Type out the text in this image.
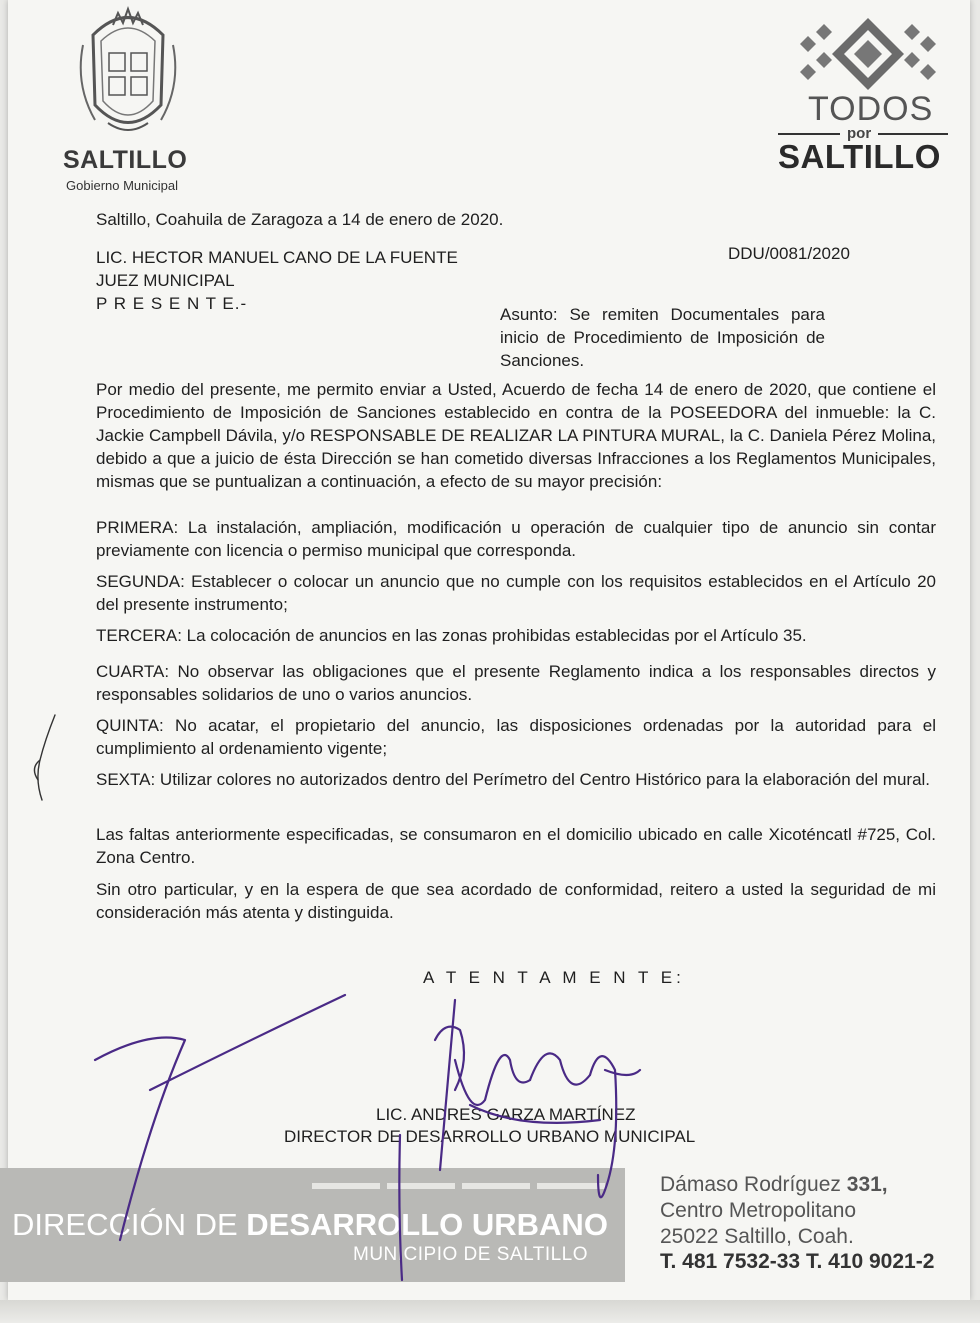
SALTILLO
Gobierno Municipal
TODOS
por
SALTILLO
Saltillo, Coahuila de Zaragoza a 14 de enero de 2020.
DDU/0081/2020
LIC. HECTOR MANUEL CANO DE LA FUENTE
JUEZ MUNICIPAL
P R E S E N T E.-
Asunto: Se remiten Documentales para inicio de Procedimiento de Imposición de Sanciones.
Por medio del presente, me permito enviar a Usted, Acuerdo de fecha 14 de enero de 2020, que contiene el Procedimiento de Imposición de Sanciones establecido en contra de la POSEEDORA del inmueble: la C. Jackie Campbell Dávila, y/o RESPONSABLE DE REALIZAR LA PINTURA MURAL, la C. Daniela Pérez Molina, debido a que a juicio de ésta Dirección se han cometido diversas Infracciones a los Reglamentos Municipales, mismas que se puntualizan a continuación, a efecto de su mayor precisión:
PRIMERA: La instalación, ampliación, modificación u operación de cualquier tipo de anuncio sin contar previamente con licencia o permiso municipal que corresponda.
SEGUNDA: Establecer o colocar un anuncio que no cumple con los requisitos establecidos en el Artículo 20 del presente instrumento;
TERCERA: La colocación de anuncios en las zonas prohibidas establecidas por el Artículo 35.
CUARTA: No observar las obligaciones que el presente Reglamento indica a los responsables directos y responsables solidarios de uno o varios anuncios.
QUINTA: No acatar, el propietario del anuncio, las disposiciones ordenadas por la autoridad para el cumplimiento al ordenamiento vigente;
SEXTA: Utilizar colores no autorizados dentro del Perímetro del Centro Histórico para la elaboración del mural.
Las faltas anteriormente especificadas, se consumaron en el domicilio ubicado en calle Xicoténcatl #725, Col. Zona Centro.
Sin otro particular, y en la espera de que sea acordado de conformidad, reitero a usted la seguridad de mi consideración más atenta y distinguida.
A T E N T A M E N T E:
LIC. ANDRES GARZA MARTÍNEZ
DIRECTOR DE DESARROLLO URBANO MUNICIPAL
DIRECCIÓN DE DESARROLLO URBANO
MUNICIPIO DE SALTILLO
Dámaso Rodríguez 331,
Centro Metropolitano
25022 Saltillo, Coah.
T. 481 7532-33 T. 410 9021-2
